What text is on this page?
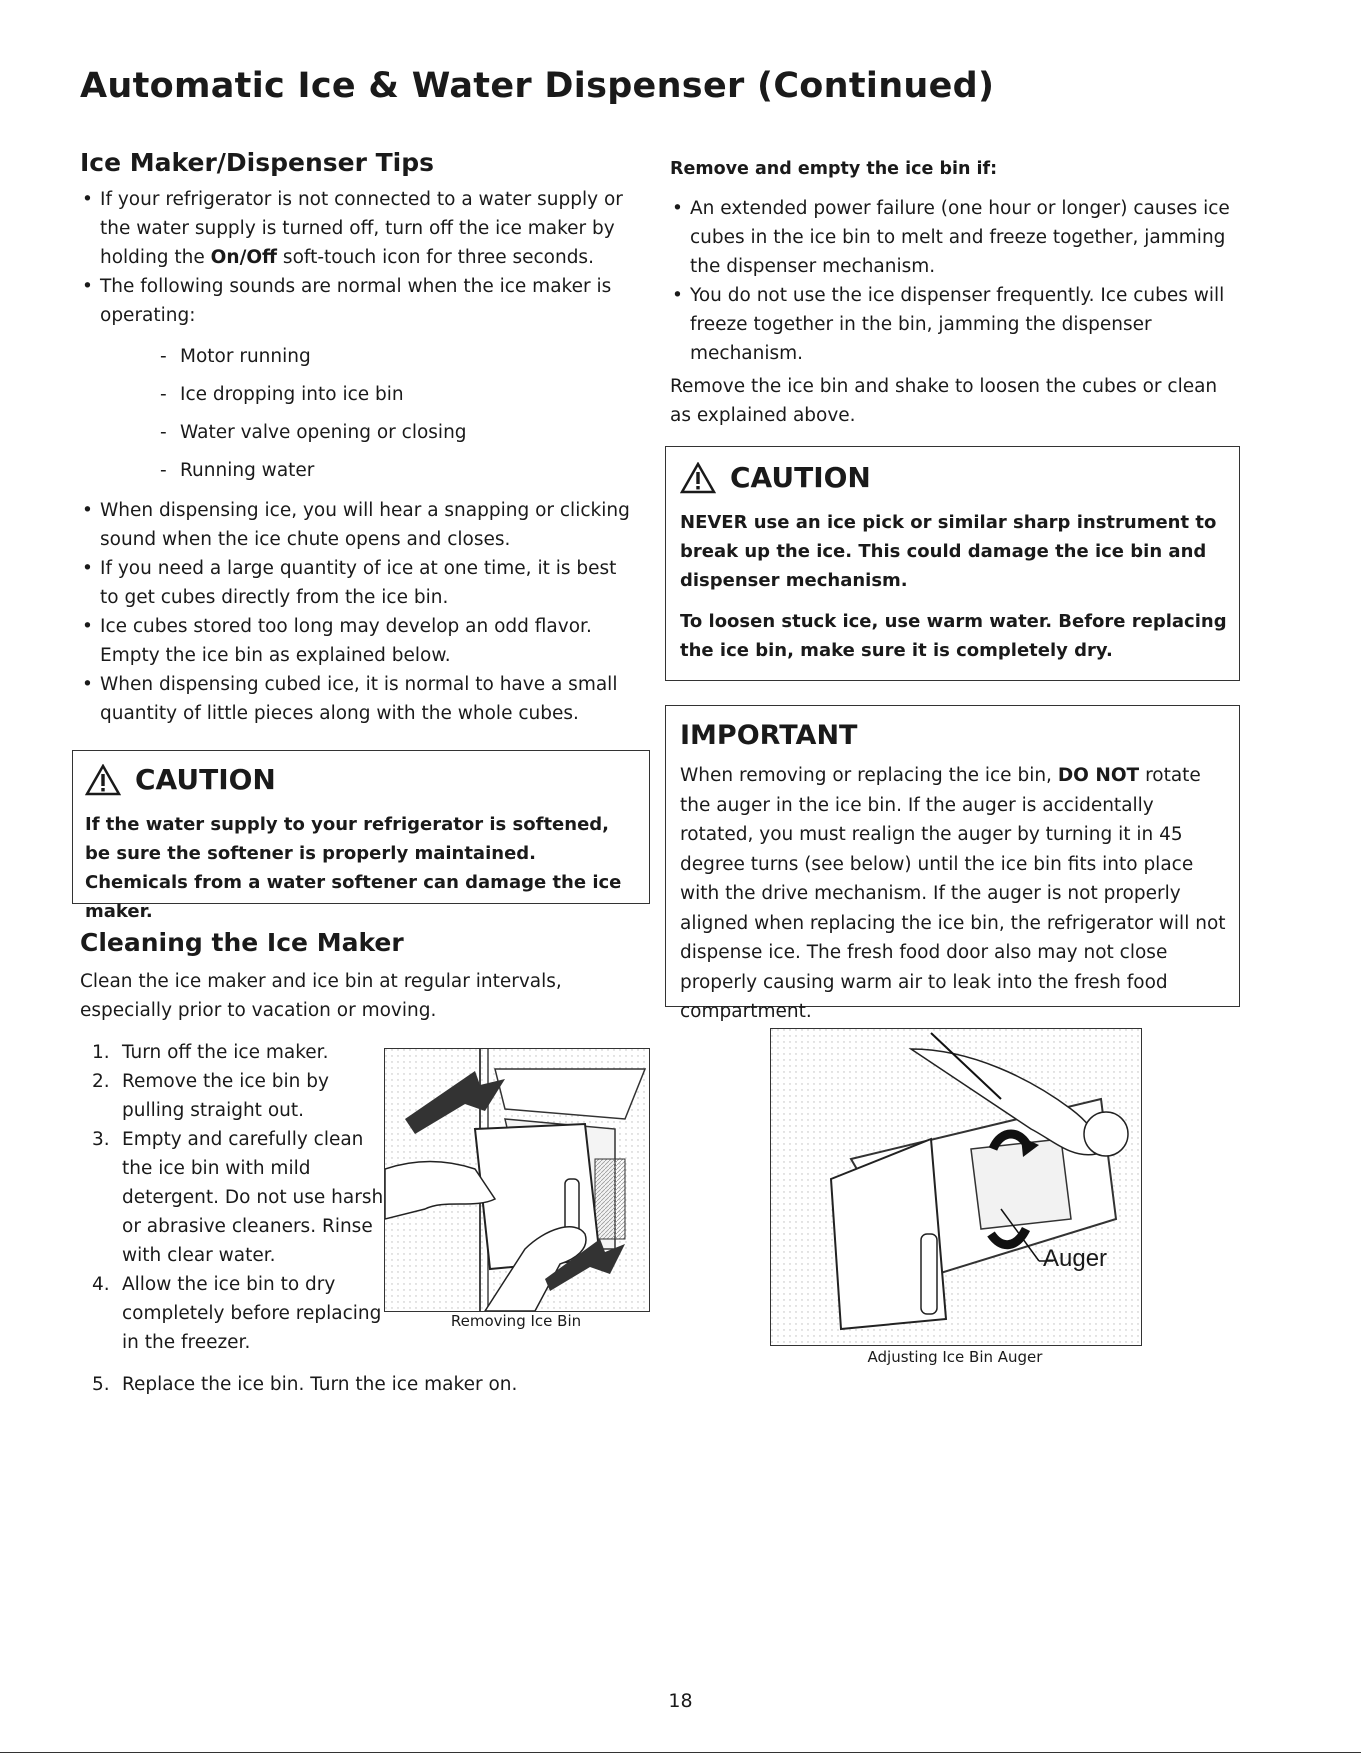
Automatic Ice & Water Dispenser (Continued)
Ice Maker/Dispenser Tips
• If your refrigerator is not connected to a water supply or the water supply is turned off, turn off the ice maker by holding the On/Off soft-touch icon for three seconds.
• The following sounds are normal when the ice maker is operating:
- Motor running
- Ice dropping into ice bin
- Water valve opening or closing
- Running water
• When dispensing ice, you will hear a snapping or clicking sound when the ice chute opens and closes.
• If you need a large quantity of ice at one time, it is best to get cubes directly from the ice bin.
• Ice cubes stored too long may develop an odd flavor. Empty the ice bin as explained below.
• When dispensing cubed ice, it is normal to have a small quantity of little pieces along with the whole cubes.
CAUTION

If the water supply to your refrigerator is softened, be sure the softener is properly maintained. Chemicals from a water softener can damage the ice maker.

Cleaning the Ice Maker

Clean the ice maker and ice bin at regular intervals, especially prior to vacation or moving.

1. Turn off the ice maker.
2. Remove the ice bin by pulling straight out.
3. Empty and carefully clean the ice bin with mild detergent. Do not use harsh or abrasive cleaners. Rinse with clear water.
4. Allow the ice bin to dry completely before replacing in the freezer.
5. Replace the ice bin. Turn the ice maker on.
Removing Ice Bin

Remove and empty the ice bin if:

• An extended power failure (one hour or longer) causes ice cubes in the ice bin to melt and freeze together, jamming the dispenser mechanism.
• You do not use the ice dispenser frequently. Ice cubes will freeze together in the bin, jamming the dispenser mechanism.

Remove the ice bin and shake to loosen the cubes or clean as explained above.

CAUTION

NEVER use an ice pick or similar sharp instrument to break up the ice. This could damage the ice bin and dispenser mechanism.

To loosen stuck ice, use warm water. Before replacing the ice bin, make sure it is completely dry.

IMPORTANT

When removing or replacing the ice bin, DO NOT rotate the auger in the ice bin. If the auger is accidentally rotated, you must realign the auger by turning it in 45 degree turns (see below) until the ice bin fits into place with the drive mechanism. If the auger is not properly aligned when replacing the ice bin, the refrigerator will not dispense ice. The fresh food door also may not close properly causing warm air to leak into the fresh food compartment.

Auger
Adjusting Ice Bin Auger
18
